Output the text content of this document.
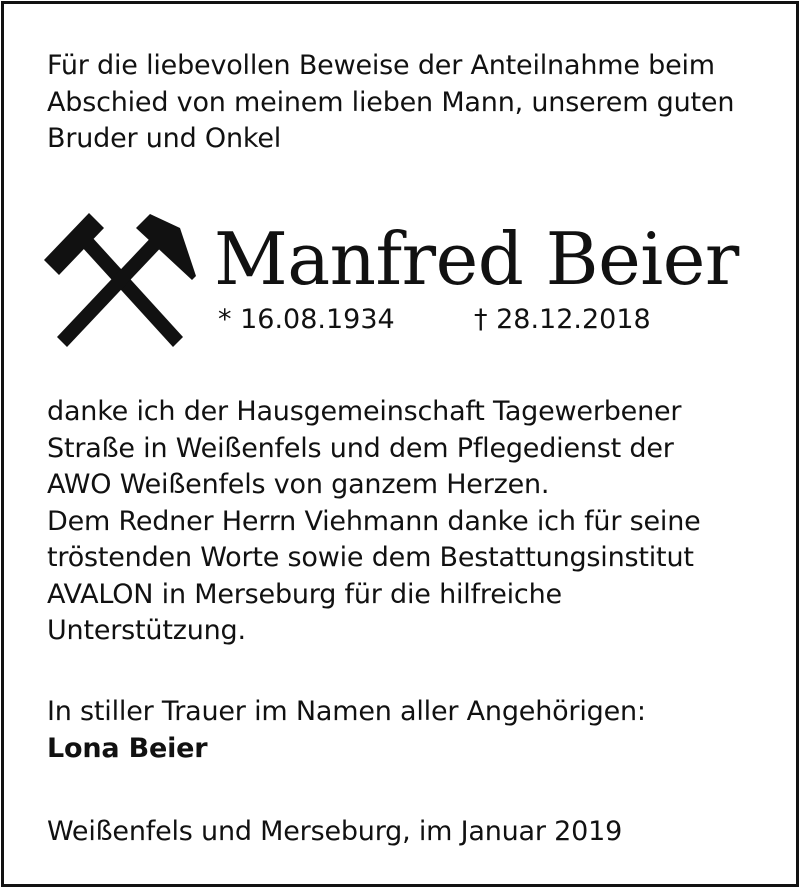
Für die liebevollen Beweise der Anteilnahme beim
Abschied von meinem lieben Mann, unserem guten
Bruder und Onkel
Manfred Beier
* 16.08.1934	† 28.12.2018
danke ich der Hausgemeinschaft Tagewerbener
Straße in Weißenfels und dem Pflegedienst der
AWO Weißenfels von ganzem Herzen.
Dem Redner Herrn Viehmann danke ich für seine
tröstenden Worte sowie dem Bestattungsinstitut
AVALON in Merseburg für die hilfreiche
Unterstützung.
In stiller Trauer im Namen aller Angehörigen:
Lona Beier
Weißenfels und Merseburg, im Januar 2019
